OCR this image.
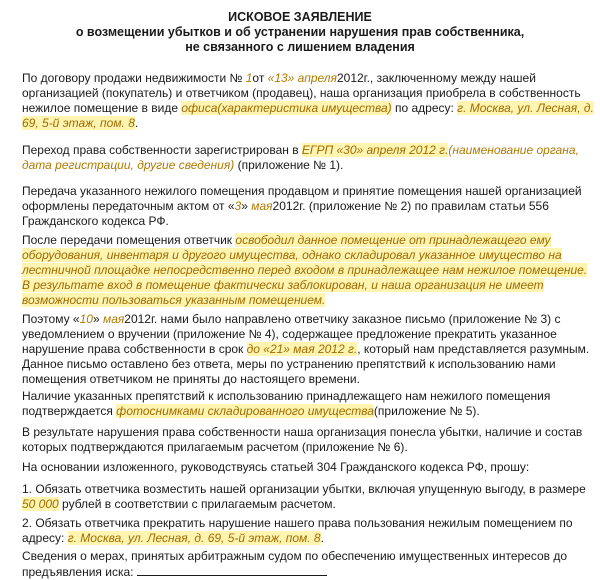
ИСКОВОЕ ЗАЯВЛЕНИЕ
о возмещении убытков и об устранении нарушения прав собственника,
не связанного с лишением владения
По договору продажи недвижимости № 1от «13» апреля2012г., заключенному между нашей
организацией (покупатель) и ответчиком (продавец), наша организация приобрела в собственность
нежилое помещение в виде офиса(характеристика имущества) по адресу: г. Москва, ул. Лесная, д.
69, 5-й этаж, пом. 8.
Переход права собственности зарегистрирован в ЕГРП «30» апреля 2012 г.(наименование органа,
дата регистрации, другие сведения) (приложение № 1).
Передача указанного нежилого помещения продавцом и принятие помещения нашей организацией
оформлены передаточным актом от «3» мая2012г. (приложение № 2) по правилам статьи 556
Гражданского кодекса РФ.
После передачи помещения ответчик освободил данное помещение от принадлежащего ему
оборудования, инвентаря и другого имущества, однако складировал указанное имущество на
лестничной площадке непосредственно перед входом в принадлежащее нам нежилое помещение.
В результате вход в помещение фактически заблокирован, и наша организация не имеет
возможности пользоваться указанным помещением.
Поэтому «10» мая2012г. нами было направлено ответчику заказное письмо (приложение № 3) с
уведомлением о вручении (приложение № 4), содержащее предложение прекратить указанное
нарушение права собственности в срок до «21» мая 2012 г., который нам представляется разумным.
Данное письмо оставлено без ответа, меры по устранению препятствий к использованию нами
помещения ответчиком не приняты до настоящего времени.
Наличие указанных препятствий к использованию принадлежащего нам нежилого помещения
подтверждается фотоснимками складированного имущества(приложение № 5).
В результате нарушения права собственности наша организация понесла убытки, наличие и состав
которых подтверждаются прилагаемым расчетом (приложение № 6).
На основании изложенного, руководствуясь статьей 304 Гражданского кодекса РФ, прошу:
1. Обязать ответчика возместить нашей организации убытки, включая упущенную выгоду, в размере
50 000 рублей в соответствии с прилагаемым расчетом.
2. Обязать ответчика прекратить нарушение нашего права пользования нежилым помещением по
адресу: г. Москва, ул. Лесная, д. 69, 5-й этаж, пом. 8.
Сведения о мерах, принятых арбитражным судом по обеспечению имущественных интересов до
предъявления иска:
